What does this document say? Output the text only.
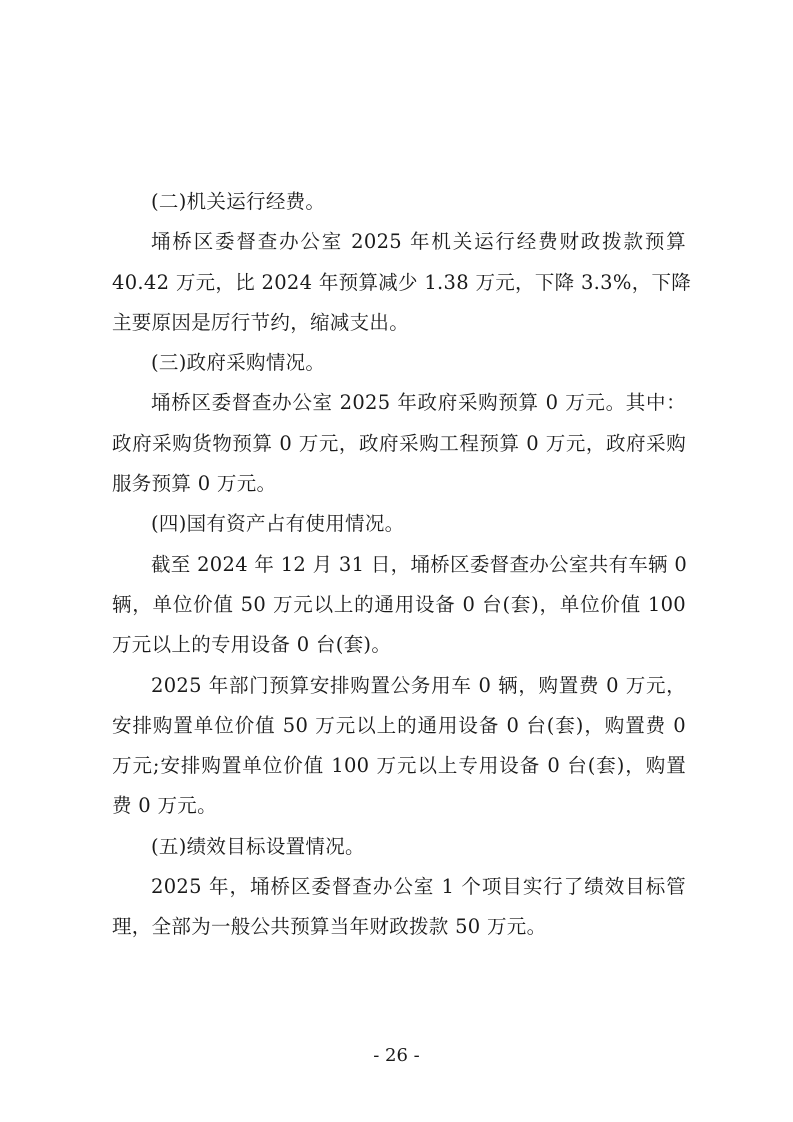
(二)机关运行经费。
埇桥区委督查办公室 2025 年机关运行经费财政拨款预算
40.42 万元，比 2024 年预算减少 1.38 万元，下降 3.3%，下降
主要原因是厉行节约，缩减支出。
(三)政府采购情况。
埇桥区委督查办公室 2025 年政府采购预算 0 万元。其中：
政府采购货物预算 0 万元，政府采购工程预算 0 万元，政府采购
服务预算 0 万元。
(四)国有资产占有使用情况。
截至 2024 年 12 月 31 日，埇桥区委督查办公室共有车辆 0
辆，单位价值 50 万元以上的通用设备 0 台(套)，单位价值 100
万元以上的专用设备 0 台(套)。
2025 年部门预算安排购置公务用车 0 辆，购置费 0 万元，
安排购置单位价值 50 万元以上的通用设备 0 台(套)，购置费 0
万元;安排购置单位价值 100 万元以上专用设备 0 台(套)，购置
费 0 万元。
(五)绩效目标设置情况。
2025 年，埇桥区委督查办公室 1 个项目实行了绩效目标管
理，全部为一般公共预算当年财政拨款 50 万元。
- 26 -
